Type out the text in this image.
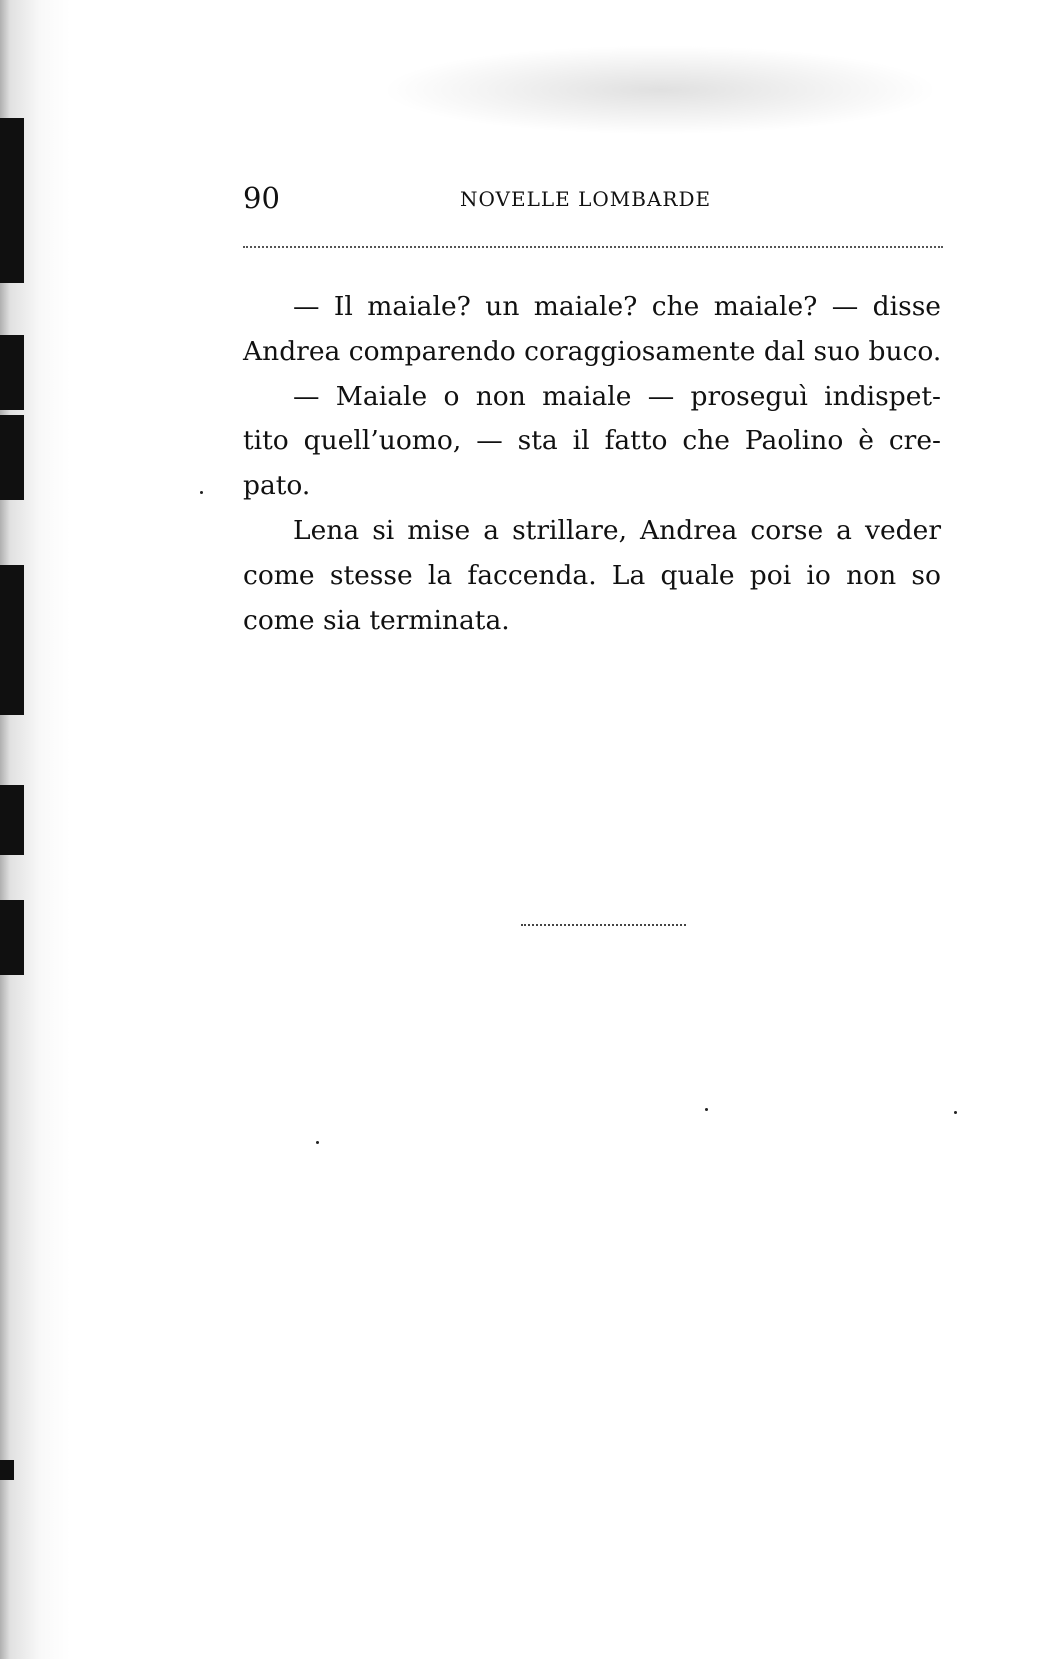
90	NOVELLE LOMBARDE

— Il maiale? un maiale? che maiale? — disse
Andrea comparendo coraggiosamente dal suo buco.

— Maiale o non maiale — proseguì indispet-
tito quell’uomo, — sta il fatto che Paolino è cre-
pato.

Lena si mise a strillare, Andrea corse a veder
come stesse la faccenda. La quale poi io non so
come sia terminata.
